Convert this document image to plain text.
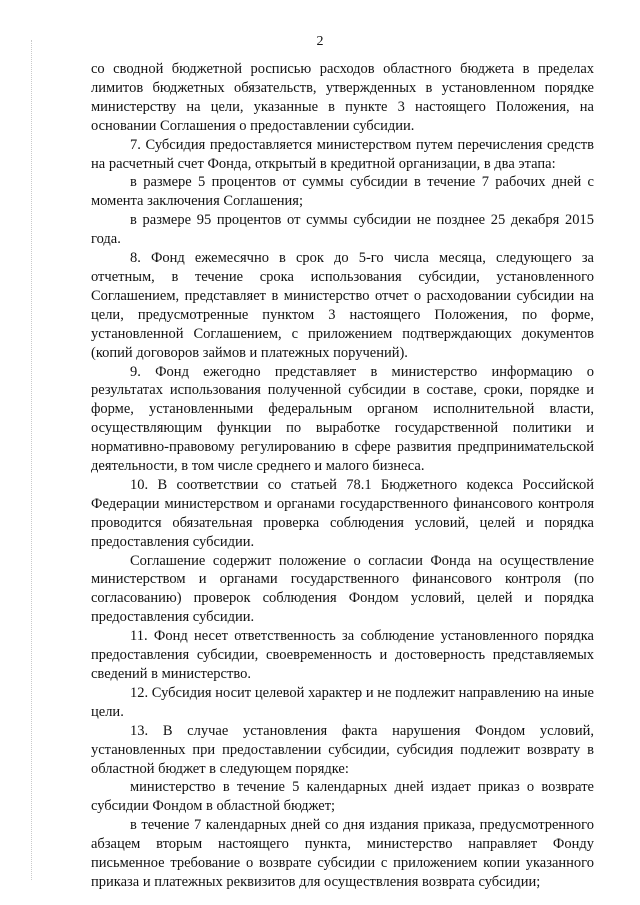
2

со сводной бюджетной росписью расходов областного бюджета в пределах лимитов бюджетных обязательств, утвержденных в установленном порядке министерству на цели, указанные в пункте 3 настоящего Положения, на основании Соглашения о предоставлении субсидии.

7. Субсидия предоставляется министерством путем перечисления средств на расчетный счет Фонда, открытый в кредитной организации, в два этапа:

в размере 5 процентов от суммы субсидии в течение 7 рабочих дней с момента заключения Соглашения;

в размере 95 процентов от суммы субсидии не позднее 25 декабря 2015 года.

8. Фонд ежемесячно в срок до 5-го числа месяца, следующего за отчетным, в течение срока использования субсидии, установленного Соглашением, представляет в министерство отчет о расходовании субсидии на цели, предусмотренные пунктом 3 настоящего Положения, по форме, установленной Соглашением, с приложением подтверждающих документов (копий договоров займов и платежных поручений).

9. Фонд ежегодно представляет в министерство информацию о результатах использования полученной субсидии в составе, сроки, порядке и форме, установленными федеральным органом исполнительной власти, осуществляющим функции по выработке государственной политики и нормативно-правовому регулированию в сфере развития предпринимательской деятельности, в том числе среднего и малого бизнеса.

10. В соответствии со статьей 78.1 Бюджетного кодекса Российской Федерации министерством и органами государственного финансового контроля проводится обязательная проверка соблюдения условий, целей и порядка предоставления субсидии.

Соглашение содержит положение о согласии Фонда на осуществление министерством и органами государственного финансового контроля (по согласованию) проверок соблюдения Фондом условий, целей и порядка предоставления субсидии.

11. Фонд несет ответственность за соблюдение установленного порядка предоставления субсидии, своевременность и достоверность представляемых сведений в министерство.

12. Субсидия носит целевой характер и не подлежит направлению на иные цели.

13. В случае установления факта нарушения Фондом условий, установленных при предоставлении субсидии, субсидия подлежит возврату в областной бюджет в следующем порядке:

министерство в течение 5 календарных дней издает приказ о возврате субсидии Фондом в областной бюджет;

в течение 7 календарных дней со дня издания приказа, предусмотренного абзацем вторым настоящего пункта, министерство направляет Фонду письменное требование о возврате субсидии с приложением копии указанного приказа и платежных реквизитов для осуществления возврата субсидии;
